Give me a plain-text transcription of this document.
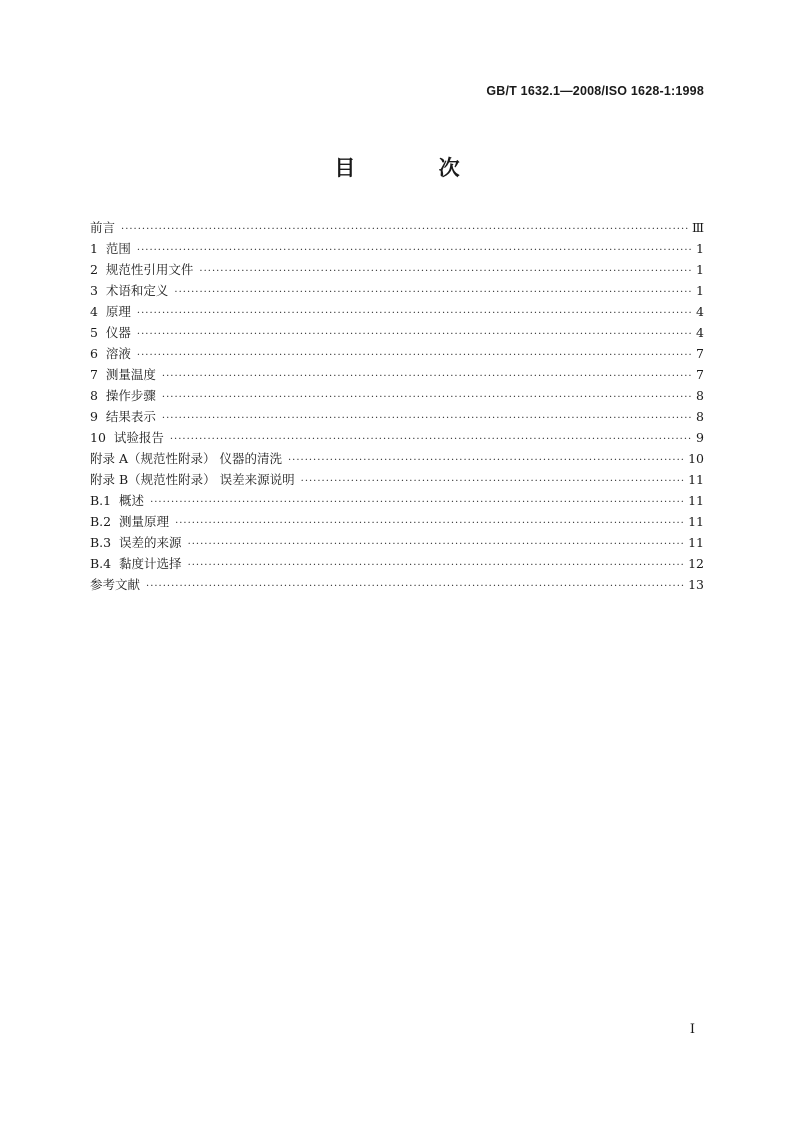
GB/T 1632.1—2008/ISO 1628-1:1998
目 次
前言 ·····	Ⅲ
1  范围 ·····	1
2  规范性引用文件 ·····	1
3  术语和定义 ·····	1
4  原理 ·····	4
5  仪器 ·····	4
6  溶液 ·····	7
7  测量温度 ·····	7
8  操作步骤 ·····	8
9  结果表示 ·····	8
10  试验报告 ·····	9
附录 A（规范性附录） 仪器的清洗 ·····	10
附录 B（规范性附录） 误差来源说明 ·····	11
B.1  概述 ·····	11
B.2  测量原理 ·····	11
B.3  误差的来源 ·····	11
B.4  黏度计选择 ·····	12
参考文献 ·····	13
I
